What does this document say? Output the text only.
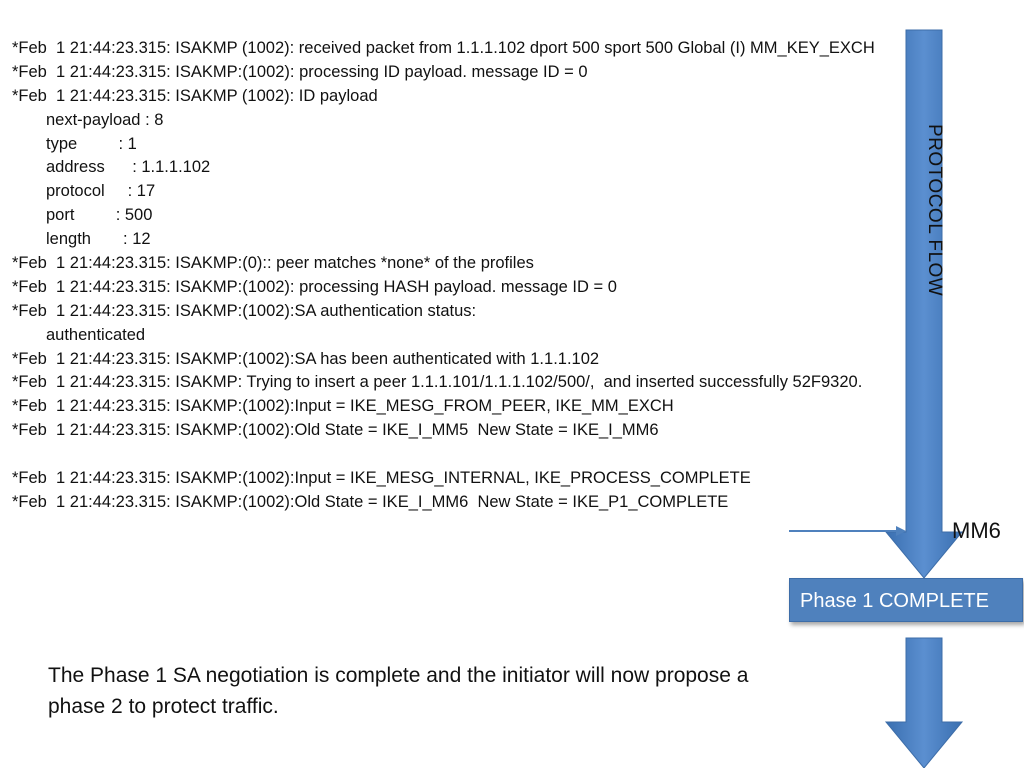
*Feb  1 21:44:23.315: ISAKMP (1002): received packet from 1.1.1.102 dport 500 sport 500 Global (I) MM_KEY_EXCH
*Feb  1 21:44:23.315: ISAKMP:(1002): processing ID payload. message ID = 0
*Feb  1 21:44:23.315: ISAKMP (1002): ID payload
next-payload : 8
type         : 1
address      : 1.1.1.102
protocol     : 17
port         : 500
length       : 12
*Feb  1 21:44:23.315: ISAKMP:(0):: peer matches *none* of the profiles
*Feb  1 21:44:23.315: ISAKMP:(1002): processing HASH payload. message ID = 0
*Feb  1 21:44:23.315: ISAKMP:(1002):SA authentication status:
authenticated
*Feb  1 21:44:23.315: ISAKMP:(1002):SA has been authenticated with 1.1.1.102
*Feb  1 21:44:23.315: ISAKMP: Trying to insert a peer 1.1.1.101/1.1.1.102/500/,  and inserted successfully 52F9320.
*Feb  1 21:44:23.315: ISAKMP:(1002):Input = IKE_MESG_FROM_PEER, IKE_MM_EXCH
*Feb  1 21:44:23.315: ISAKMP:(1002):Old State = IKE_I_MM5  New State = IKE_I_MM6
*Feb  1 21:44:23.315: ISAKMP:(1002):Input = IKE_MESG_INTERNAL, IKE_PROCESS_COMPLETE
*Feb  1 21:44:23.315: ISAKMP:(1002):Old State = IKE_I_MM6  New State = IKE_P1_COMPLETE
PROTOCOL FLOW
MM6
Phase 1 COMPLETE
The Phase 1 SA negotiation is complete and the initiator will now propose a phase 2 to protect traffic.
